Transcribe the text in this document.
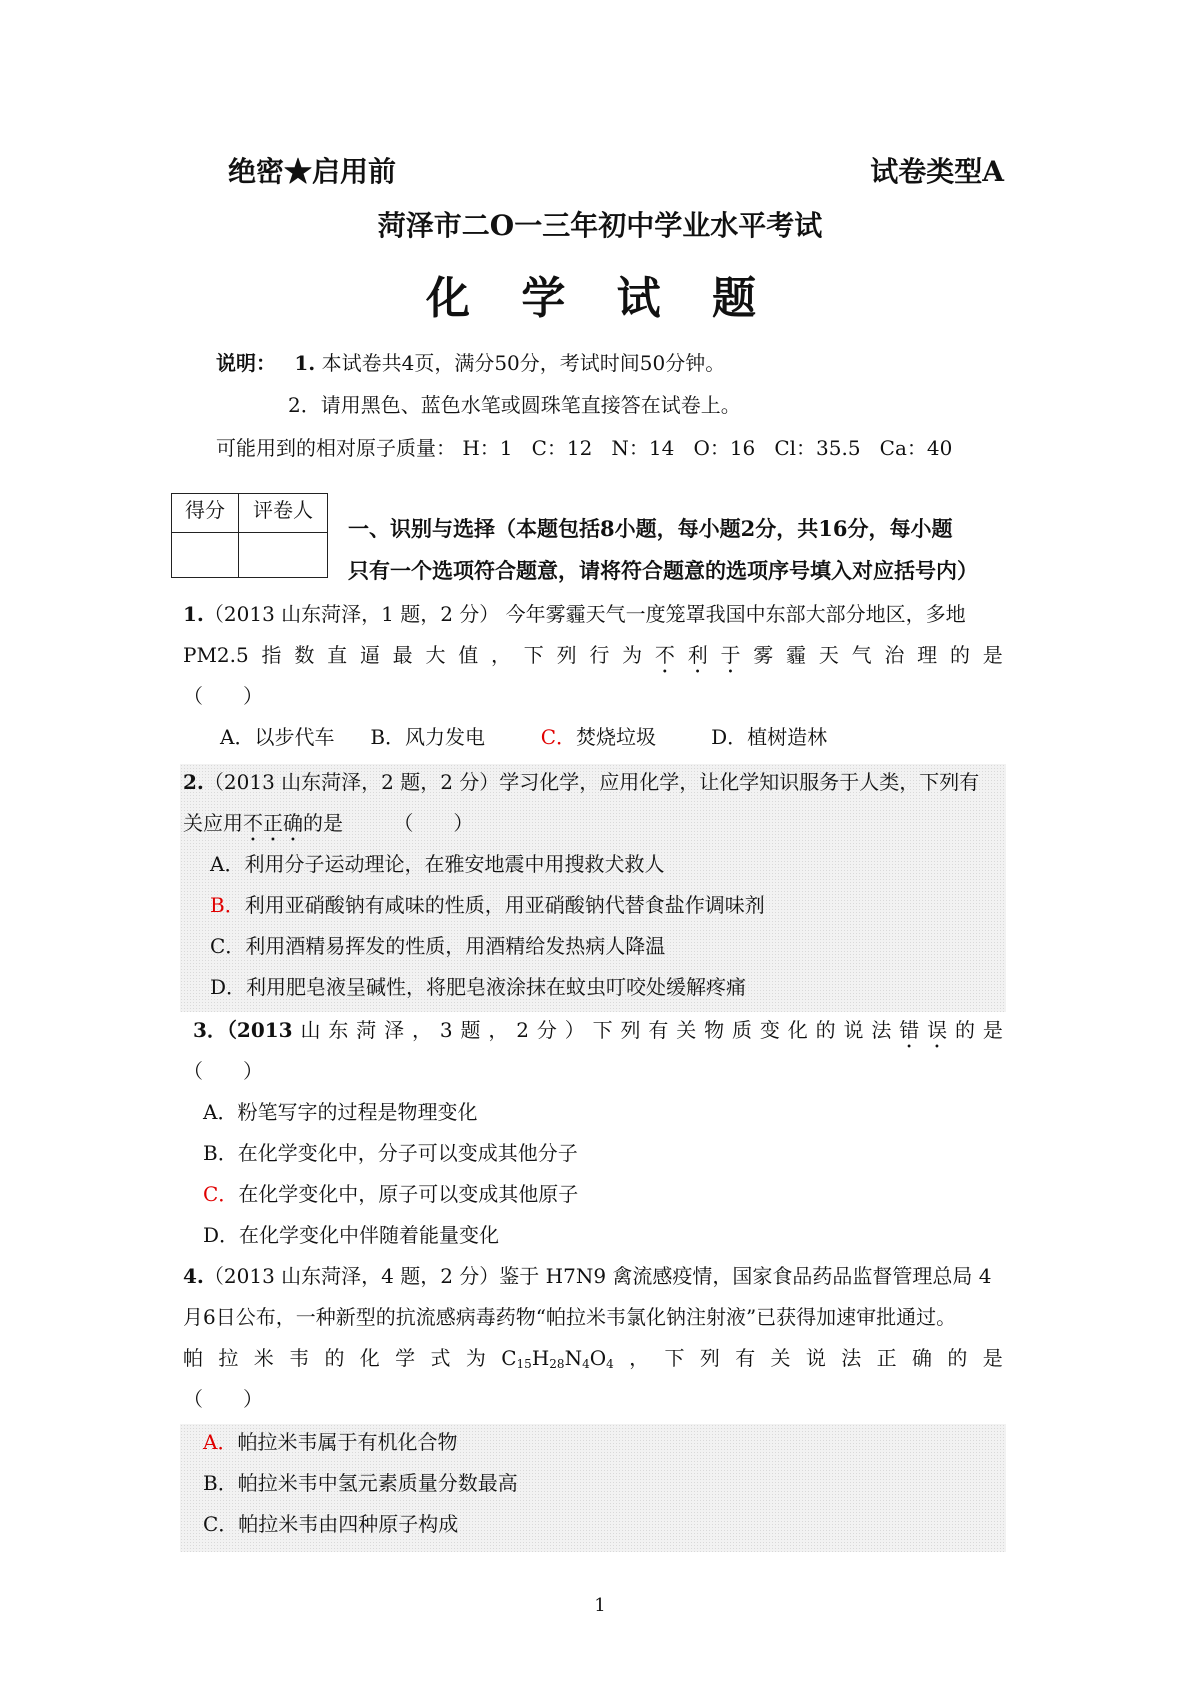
绝密★启用前	试卷类型A
菏泽市二O一三年初中学业水平考试
化 学 试 题
说明： 1. 本试卷共4页，满分50分，考试时间50分钟。
2．请用黑色、蓝色水笔或圆珠笔直接答在试卷上。
可能用到的相对原子质量： H：1   C：12   N：14   O：16   Cl：35.5   Ca：40
得分	评卷人

一、识别与选择（本题包括8小题，每小题2分，共16分，每小题
只有一个选项符合题意，请将符合题意的选项序号填入对应括号内）
1.（2013 山东菏泽，1 题，2 分） 今年雾霾天气一度笼罩我国中东部大部分地区，多地
PM2.5 指 数 直 逼 最 大 值 ， 下 列 行 为 不 利 于 雾 霾 天 气 治 理 的 是
（　　）
A．以步代车 B．风力发电	C．焚烧垃圾	D．植树造林
2.（2013 山东菏泽，2 题，2 分）学习化学，应用化学，让化学知识服务于人类，下列有
关应用不正确的是	（　　）
A．利用分子运动理论，在雅安地震中用搜救犬救人
B．利用亚硝酸钠有咸味的性质，用亚硝酸钠代替食盐作调味剂
C．利用酒精易挥发的性质，用酒精给发热病人降温
D．利用肥皂液呈碱性，将肥皂液涂抹在蚊虫叮咬处缓解疼痛
3．（2013 山 东 菏 泽 ， 3 题 ， 2 分 ） 下 列 有 关 物 质 变 化 的 说 法 错 误 的 是
（　　）
A．粉笔写字的过程是物理变化
B．在化学变化中，分子可以变成其他分子
C．在化学变化中，原子可以变成其他原子
D．在化学变化中伴随着能量变化
4.（2013 山东菏泽，4 题，2 分）鉴于 H7N9 禽流感疫情，国家食品药品监督管理总局 4
月6日公布，一种新型的抗流感病毒药物“帕拉米韦氯化钠注射液”已获得加速审批通过。
帕 拉 米 韦 的 化 学 式 为 $C_{15}H_{28}N_4O_4$ ， 下 列 有 关 说 法 正 确 的 是
（　　）
A．帕拉米韦属于有机化合物
B．帕拉米韦中氢元素质量分数最高
C．帕拉米韦由四种原子构成
1
